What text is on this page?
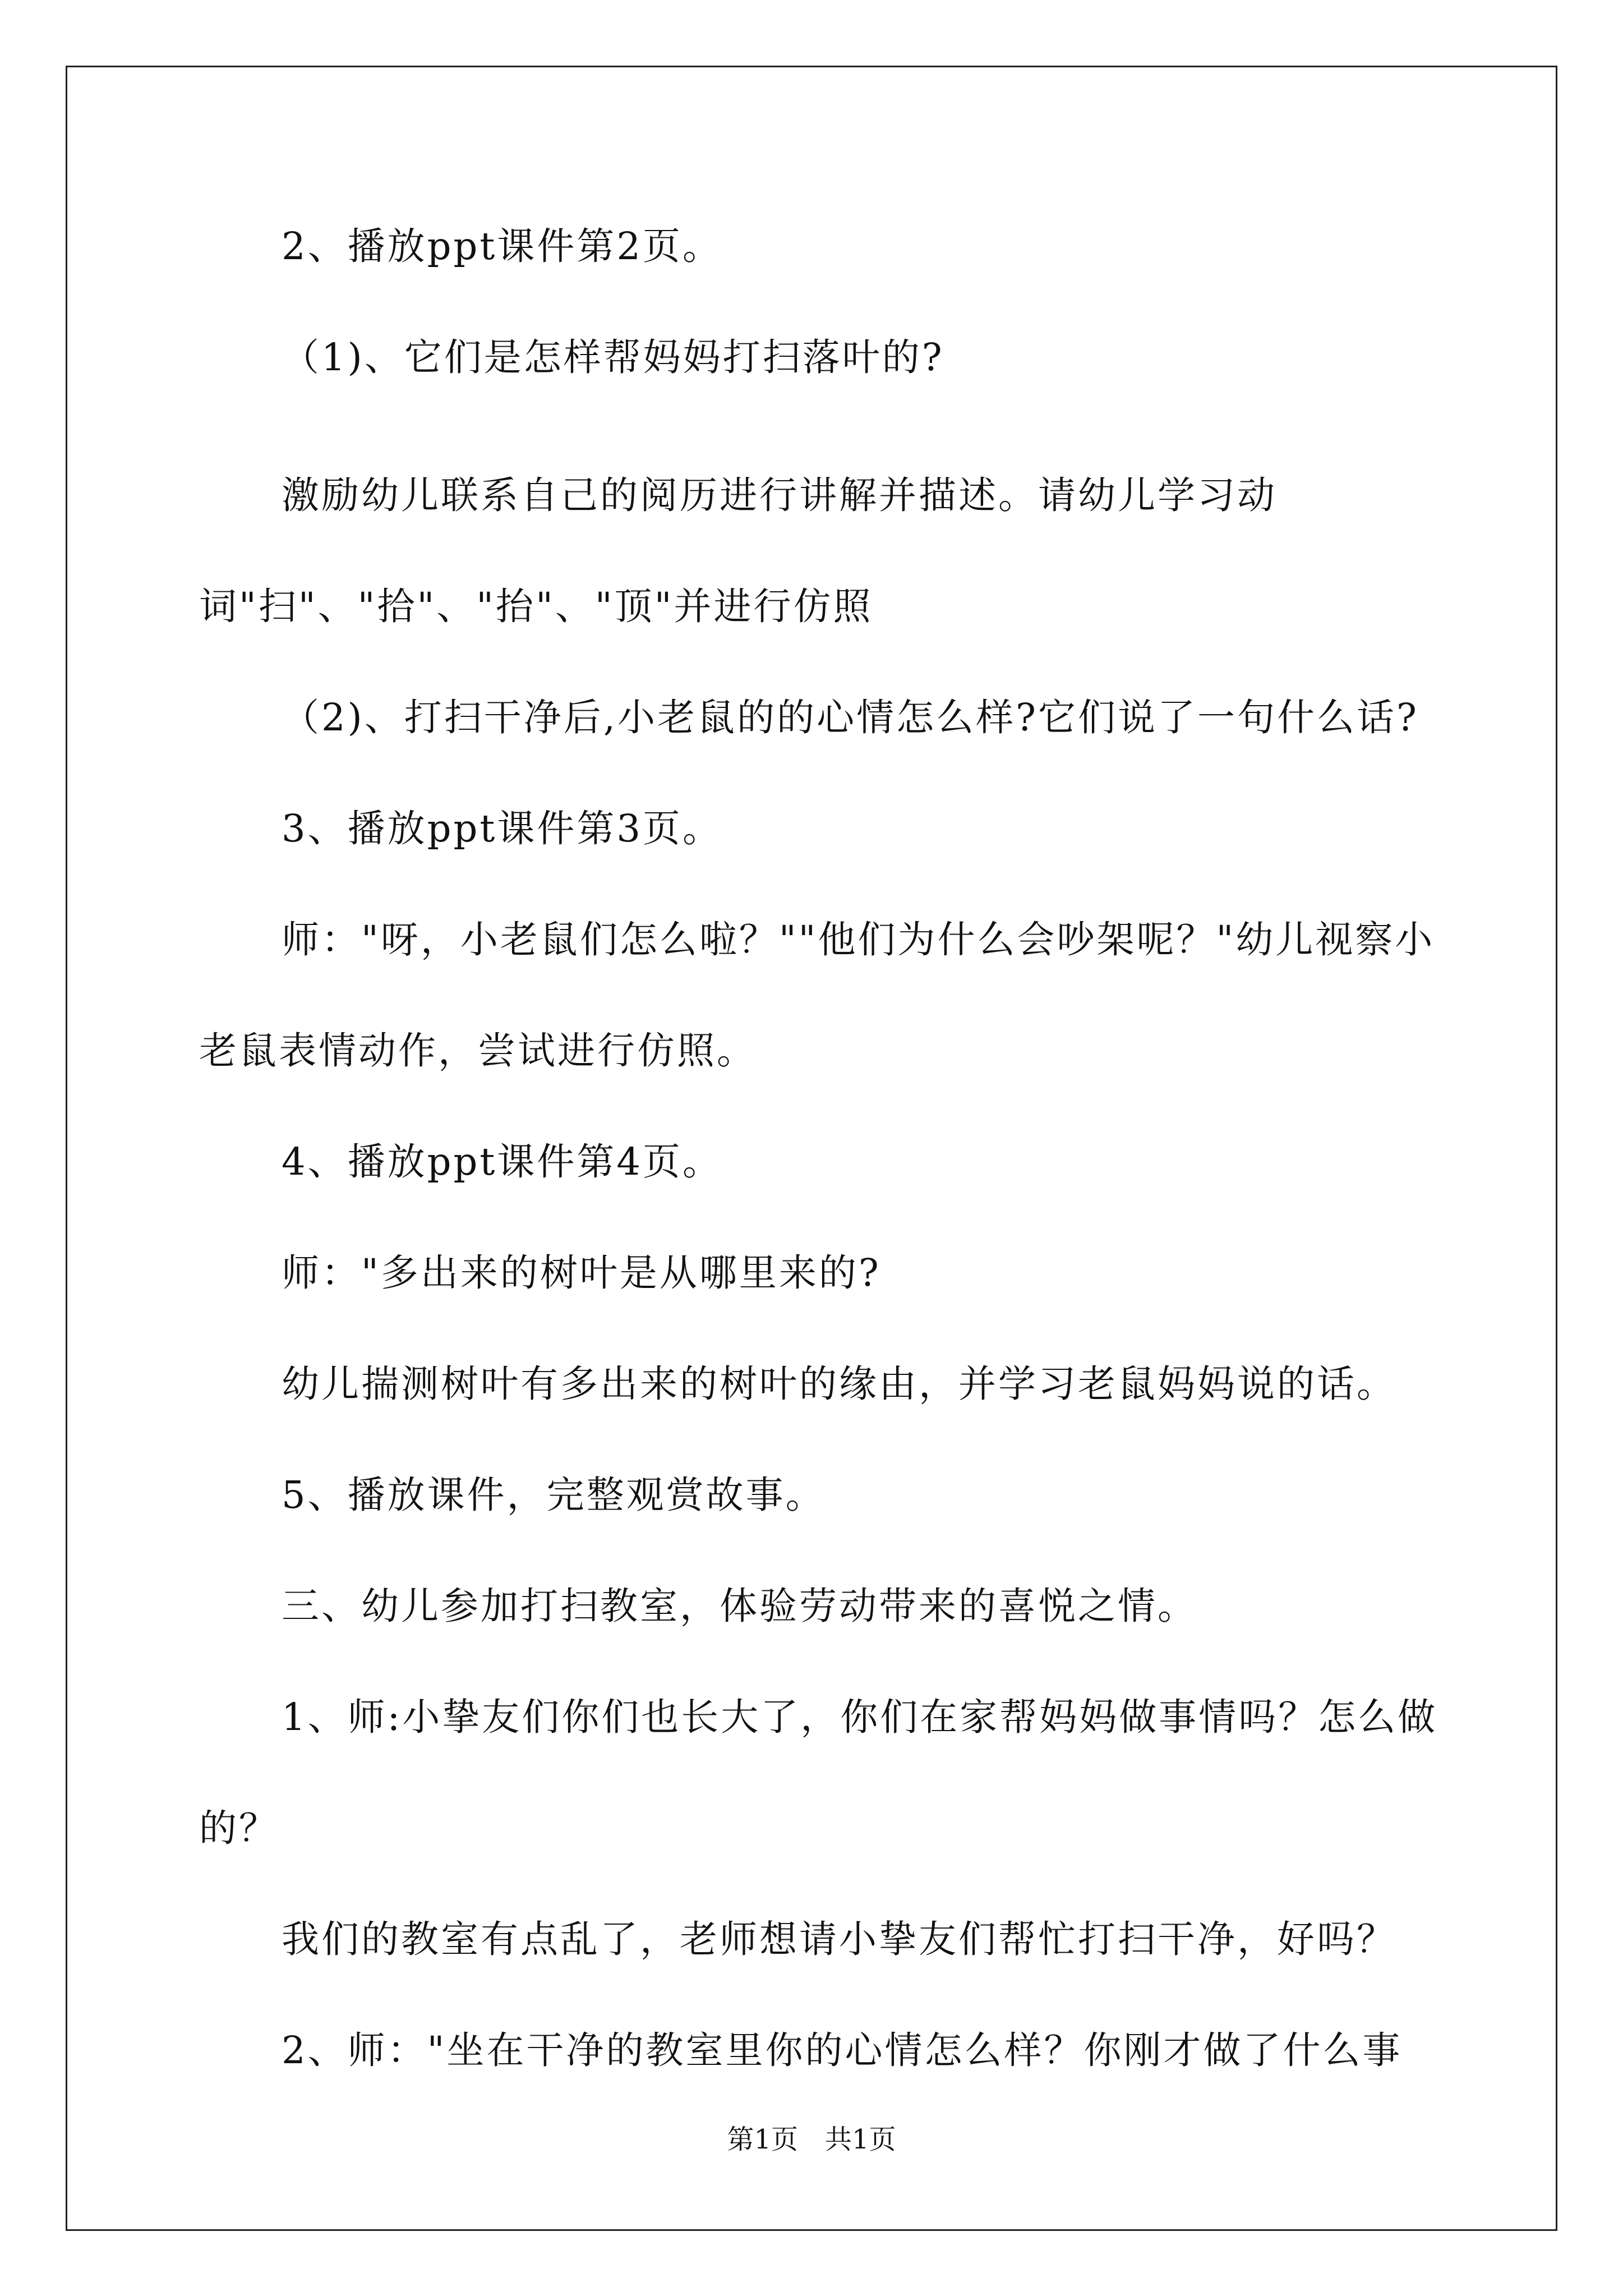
2、播放ppt课件第2页。

（1)、它们是怎样帮妈妈打扫落叶的?

激励幼儿联系自己的阅历进行讲解并描述。请幼儿学习动词"扫"、"拾"、"抬"、"顶"并进行仿照

（2)、打扫干净后,小老鼠的的心情怎么样?它们说了一句什么话?

3、播放ppt课件第3页。

师："呀，小老鼠们怎么啦？""他们为什么会吵架呢？"幼儿视察小老鼠表情动作，尝试进行仿照。

4、播放ppt课件第4页。

师："多出来的树叶是从哪里来的?

幼儿揣测树叶有多出来的树叶的缘由，并学习老鼠妈妈说的话。

5、播放课件，完整观赏故事。

三、幼儿参加打扫教室，体验劳动带来的喜悦之情。

1、师:小挚友们你们也长大了，你们在家帮妈妈做事情吗？怎么做的？

我们的教室有点乱了，老师想请小挚友们帮忙打扫干净，好吗？

2、师："坐在干净的教室里你的心情怎么样？你刚才做了什么事

第1页　共1页
